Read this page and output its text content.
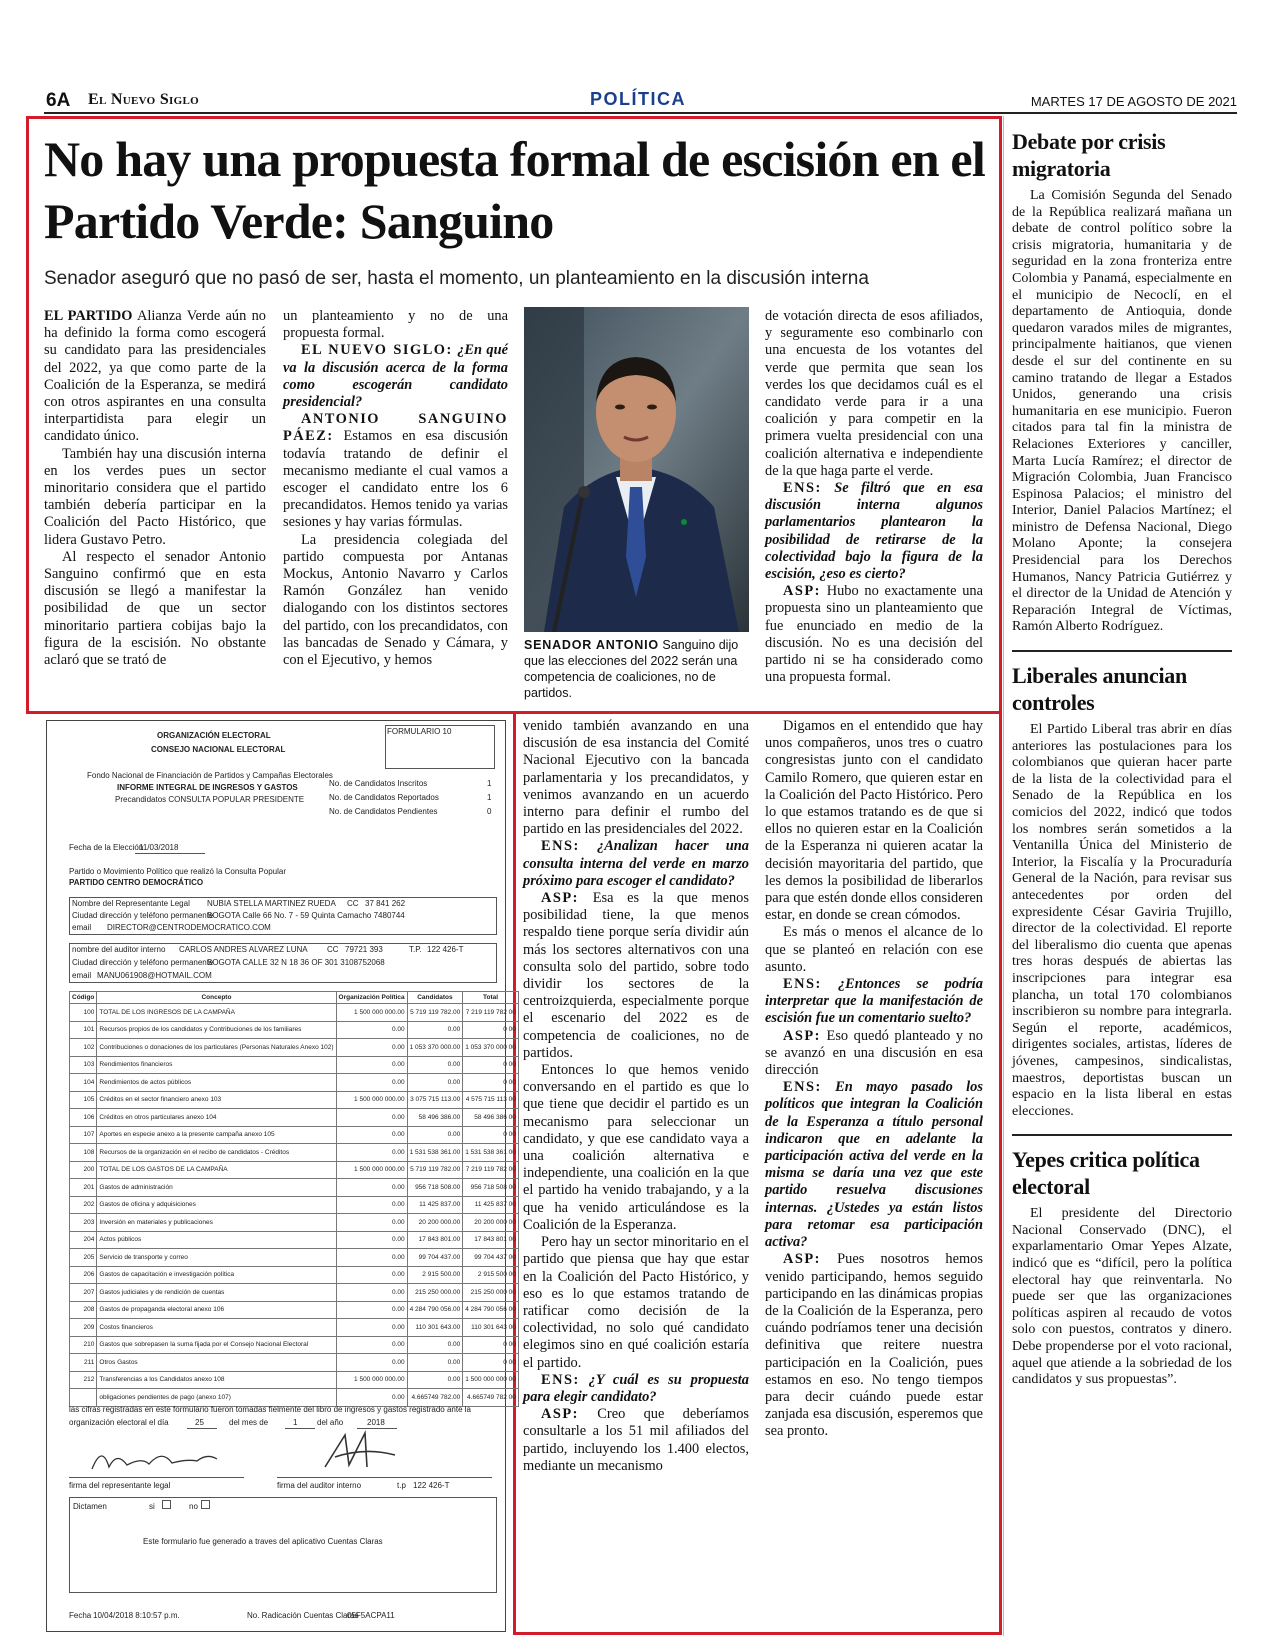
6A El Nuevo Siglo	POLÍTICA	MARTES 17 DE AGOSTO DE 2021
No hay una propuesta formal de escisión en el Partido Verde: Sanguino
Senador aseguró que no pasó de ser, hasta el momento, un planteamiento en la discusión interna

EL PARTIDO Alianza Verde aún no ha definido la forma como escogerá su candidato para las presidenciales del 2022, ya que como parte de la Coalición de la Esperanza, se medirá con otros aspirantes en una consulta interpartidista para elegir un candidato único.

También hay una discusión interna en los verdes pues un sector minoritario considera que el partido también debería participar en la Coalición del Pacto Histórico, que lidera Gustavo Petro.

Al respecto el senador Antonio Sanguino confirmó que en esta discusión se llegó a manifestar la posibilidad de que un sector minoritario partiera cobijas bajo la figura de la escisión. No obstante aclaró que se trató de

un planteamiento y no de una propuesta formal.

EL NUEVO SIGLO: ¿En qué va la discusión acerca de la forma como escogerán candidato presidencial?

ANTONIO SANGUINO PÁEZ: Estamos en esa discusión todavía tratando de definir el mecanismo mediante el cual vamos a escoger el candidato entre los 6 precandidatos. Hemos tenido ya varias sesiones y hay varias fórmulas.

La presidencia colegiada del partido compuesta por Antanas Mockus, Antonio Navarro y Carlos Ramón González han venido dialogando con los distintos sectores del partido, con los precandidatos, con las bancadas de Senado y Cámara, y con el Ejecutivo, y hemos

SENADOR ANTONIO Sanguino dijo que las elecciones del 2022 serán una competencia de coaliciones, no de partidos.

de votación directa de esos afiliados, y seguramente eso combinarlo con una encuesta de los votantes del verde que permita que sean los verdes los que decidamos cuál es el candidato verde para ir a una coalición y para competir en la primera vuelta presidencial con una coalición alternativa e independiente de la que haga parte el verde.

ENS: Se filtró que en esa discusión interna algunos parlamentarios plantearon la posibilidad de retirarse de la colectividad bajo la figura de la escisión, ¿eso es cierto?

ASP: Hubo no exactamente una propuesta sino un planteamiento que fue enunciado en medio de la discusión. No es una decisión del partido ni se ha considerado como una propuesta formal.

venido también avanzando en una discusión de esa instancia del Comité Nacional Ejecutivo con la bancada parlamentaria y los precandidatos, y venimos avanzando en un acuerdo interno para definir el rumbo del partido en las presidenciales del 2022.

ENS: ¿Analizan hacer una consulta interna del verde en marzo próximo para escoger el candidato?

ASP: Esa es la que menos posibilidad tiene, la que menos respaldo tiene porque sería dividir aún más los sectores alternativos con una consulta solo del partido, sobre todo dividir los sectores de la centroizquierda, especialmente porque el escenario del 2022 es de competencia de coaliciones, no de partidos.

Entonces lo que hemos venido conversando en el partido es que lo que tiene que decidir el partido es un mecanismo para seleccionar un candidato, y que ese candidato vaya a una coalición alternativa e independiente, una coalición en la que el partido ha venido trabajando, y a la que ha venido articulándose es la Coalición de la Esperanza.

Pero hay un sector minoritario en el partido que piensa que hay que estar en la Coalición del Pacto Histórico, y eso es lo que estamos tratando de ratificar como decisión de la colectividad, no solo qué candidato elegimos sino en qué coalición estaría el partido.

ENS: ¿Y cuál es su propuesta para elegir candidato?

ASP: Creo que deberíamos consultarle a los 51 mil afiliados del partido, incluyendo los 1.400 electos, mediante un mecanismo

Digamos en el entendido que hay unos compañeros, unos tres o cuatro congresistas junto con el candidato Camilo Romero, que quieren estar en la Coalición del Pacto Histórico. Pero lo que estamos tratando es de que si ellos no quieren estar en la Coalición de la Esperanza ni quieren acatar la decisión mayoritaria del partido, que les demos la posibilidad de liberarlos para que estén donde ellos consideren estar, en donde se crean cómodos.

Es más o menos el alcance de lo que se planteó en relación con ese asunto.

ENS: ¿Entonces se podría interpretar que la manifestación de escisión fue un comentario suelto?

ASP: Eso quedó planteado y no se avanzó en una discusión en esa dirección

ENS: En mayo pasado los políticos que integran la Coalición de la Esperanza a título personal indicaron que en adelante la participación activa del verde en la misma se daría una vez que este partido resuelva discusiones internas. ¿Ustedes ya están listos para retomar esa participación activa?

ASP: Pues nosotros hemos venido participando, hemos seguido participando en las dinámicas propias de la Coalición de la Esperanza, pero cuándo podríamos tener una decisión definitiva que reitere nuestra participación en la Coalición, pues estamos en eso. No tengo tiempos para decir cuándo puede estar zanjada esa discusión, esperemos que sea pronto.

ORGANIZACIÓN ELECTORAL
CONSEJO NACIONAL ELECTORAL
FORMULARIO 10
Fondo Nacional de Financiación de Partidos y Campañas Electorales
INFORME INTEGRAL DE INGRESOS Y GASTOS
Precandidatos CONSULTA POPULAR PRESIDENTE
No. de Candidatos Inscritos	1
No. de Candidatos Reportados	1
No. de Candidatos Pendientes	0
Fecha de la Elección
11/03/2018
Partido o Movimiento Político que realizó la Consulta Popular
PARTIDO CENTRO DEMOCRÁTICO
Nombre del Representante Legal NUBIA STELLA MARTINEZ RUEDA CC 37 841 262
Ciudad dirección y teléfono permanente
BOGOTA Calle 66 No. 7 - 59 Quinta Camacho 7480744
email DIRECTOR@CENTRODEMOCRATICO.COM
nombre del auditor interno CARLOS ANDRES ALVAREZ LUNA CC 79721 393	T.P. 122 426-T
Ciudad dirección y teléfono permanente
BOGOTA CALLE 32 N 18 36 OF 301 3108752068
email MANU061908@HOTMAIL.COM
Código	Concepto	Organización Política	Candidatos	Total
100	TOTAL DE LOS INGRESOS DE LA CAMPAÑA	1 500 000 000.00	5 719 119 782.00	7 219 119 782 00
101	Recursos propios de los candidatos y Contribuciones de los familiares	0.00	0.00	0 00
102	Contribuciones o donaciones de los particulares (Personas Naturales Anexo 102)	0.00	1 053 370 000.00	1 053 370 000 00
103	Rendimientos financieros	0.00	0.00	0 00
104	Rendimientos de actos públicos	0.00	0.00	0 00
105	Créditos en el sector financiero anexo 103	1 500 000 000.00	3 075 715 113.00	4 575 715 113 00
106	Créditos en otros particulares anexo 104	0.00	58 496 386.00	58 496 386 00
107	Aportes en especie anexo a la presente campaña anexo 105	0.00	0.00	0 00
108	Recursos de la organización en el recibo de candidatos - Créditos	0.00	1 531 538 361.00	1 531 538 361 00
200	TOTAL DE LOS GASTOS DE LA CAMPAÑA	1 500 000 000.00	5 719 119 782.00	7 219 119 782 00
201	Gastos de administración	0.00	956 718 508.00	956 718 508 00
202	Gastos de oficina y adquisiciones	0.00	11 425 837.00	11 425 837 00
203	Inversión en materiales y publicaciones	0.00	20 200 000.00	20 200 000 00
204	Actos públicos	0.00	17 843 801.00	17 843 801 00
205	Servicio de transporte y correo	0.00	99 704 437.00	99 704 437 00
206	Gastos de capacitación e investigación política	0.00	2 915 500.00	2 915 500 00
207	Gastos judiciales y de rendición de cuentas	0.00	215 250 000.00	215 250 000 00
208	Gastos de propaganda electoral anexo 106	0.00	4 284 790 056.00	4 284 790 056 00
209	Costos financieros	0.00	110 301 643.00	110 301 643 00
210	Gastos que sobrepasen la suma fijada por el Consejo Nacional Electoral	0.00	0.00	0 00
211	Otros Gastos	0.00	0.00	0 00
212	Transferencias a los Candidatos anexo 108	1 500 000 000.00	0.00	1 500 000 000 00
	obligaciones pendientes de pago (anexo 107)	0.00	4.665749 782.00	4.665749 782 00
las cifras registradas en este formulario fueron tomadas fielmente del libro de ingresos y gastos registrado ante la
organización electoral el día	25	del mes de	1 del año	2018
firma del representante legal	firma del auditor interno	t.p 122 426-T
Dictamen	si	no
Este formulario fue generado a traves del aplicativo Cuentas Claras
Fecha 10/04/2018 8:10:57 p.m.	No. Radicación Cuentas Claras
05F5ACPA11
Debate por crisis migratoria

La Comisión Segunda del Senado de la República realizará mañana un debate de control político sobre la crisis migratoria, humanitaria y de seguridad en la zona fronteriza entre Colombia y Panamá, especialmente en el municipio de Necoclí, en el departamento de Antioquia, donde quedaron varados miles de migrantes, principalmente haitianos, que vienen desde el sur del continente en su camino tratando de llegar a Estados Unidos, generando una crisis humanitaria en ese municipio. Fueron citados para tal fin la ministra de Relaciones Exteriores y canciller, Marta Lucía Ramírez; el director de Migración Colombia, Juan Francisco Espinosa Palacios; el ministro del Interior, Daniel Palacios Martínez; el ministro de Defensa Nacional, Diego Molano Aponte; la consejera Presidencial para los Derechos Humanos, Nancy Patricia Gutiérrez y el director de la Unidad de Atención y Reparación Integral de Víctimas, Ramón Alberto Rodríguez.

Liberales anuncian controles

El Partido Liberal tras abrir en días anteriores las postulaciones para los colombianos que quieran hacer parte de la lista de la colectividad para el Senado de la República en los comicios del 2022, indicó que todos los nombres serán sometidos a la Ventanilla Única del Ministerio de Interior, la Fiscalía y la Procuraduría General de la Nación, para revisar sus antecedentes por orden del expresidente César Gaviria Trujillo, director de la colectividad. El reporte del liberalismo dio cuenta que apenas tres horas después de abiertas las inscripciones para integrar esa plancha, un total 170 colombianos inscribieron su nombre para integrarla. Según el reporte, académicos, dirigentes sociales, artistas, líderes de jóvenes, campesinos, sindicalistas, maestros, deportistas buscan un espacio en la lista liberal en estas elecciones.

Yepes critica política electoral

El presidente del Directorio Nacional Conservado (DNC), el exparlamentario Omar Yepes Alzate, indicó que es “difícil, pero la política electoral hay que reinventarla. No puede ser que las organizaciones políticas aspiren al recaudo de votos solo con puestos, contratos y dinero. Debe propenderse por el voto racional, aquel que atiende a la sobriedad de los candidatos y sus propuestas”.
